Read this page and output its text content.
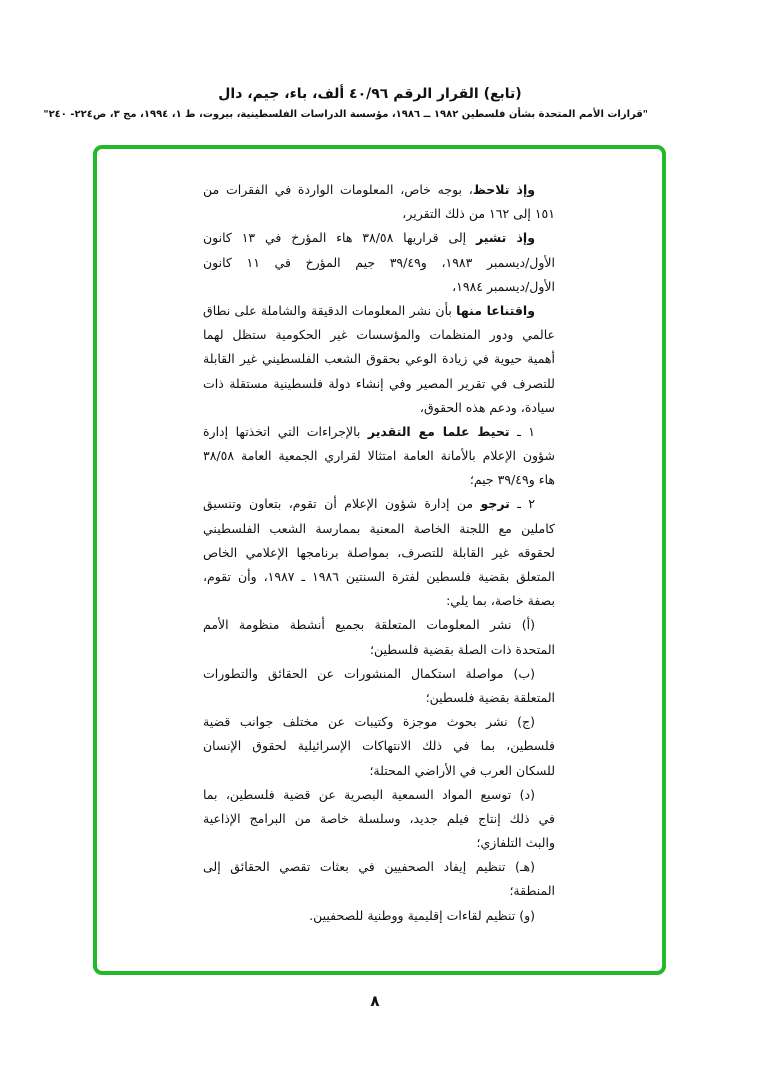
(تابع) القرار الرقم ٤٠/٩٦ ألف، باء، جيم، دال
"قرارات الأمم المتحدة بشأن فلسطين ١٩٨٢ ــ ١٩٨٦، مؤسسة الدراسات الفلسطينية، بيروت، ط ١، ١٩٩٤، مج ٣، ص٢٢٤- ٢٤٠"
وإذ تلاحظ، بوجه خاص، المعلومات الواردة في الفقرات من
١٥١ إلى ١٦٢ من ذلك التقرير،
وإذ تشير إلى قراريها ٣٨/٥٨ هاء المؤرخ في ١٣ كانون
الأول/ديسمبر ١٩٨٣، و٣٩/٤٩ جيم المؤرخ في ١١ كانون
الأول/ديسمبر ١٩٨٤،
واقتناعا منها بأن نشر المعلومات الدقيقة والشاملة على نطاق
عالمي ودور المنظمات والمؤسسات غير الحكومية ستظل لهما
أهمية حيوية في زيادة الوعي بحقوق الشعب الفلسطيني غير القابلة
للتصرف في تقرير المصير وفي إنشاء دولة فلسطينية مستقلة ذات
سيادة، ودعم هذه الحقوق،
١ ـ تحيط علما مع التقدير بالإجراءات التي اتخذتها إدارة
شؤون الإعلام بالأمانة العامة امتثالا لقراري الجمعية العامة ٣٨/٥٨
هاء و٣٩/٤٩ جيم؛
٢ ـ ترجو من إدارة شؤون الإعلام أن تقوم، بتعاون وتنسيق
كاملين مع اللجنة الخاصة المعنية بممارسة الشعب الفلسطيني
لحقوقه غير القابلة للتصرف، بمواصلة برنامجها الإعلامي الخاص
المتعلق بقضية فلسطين لفترة السنتين ١٩٨٦ ـ ١٩٨٧، وأن تقوم،
بصفة خاصة، بما يلي:
(أ) نشر المعلومات المتعلقة بجميع أنشطة منظومة الأمم
المتحدة ذات الصلة بقضية فلسطين؛
(ب) مواصلة استكمال المنشورات عن الحقائق والتطورات
المتعلقة بقضية فلسطين؛
(ج) نشر بحوث موجزة وكتيبات عن مختلف جوانب قضية
فلسطين، بما في ذلك الانتهاكات الإسرائيلية لحقوق الإنسان
للسكان العرب في الأراضي المحتلة؛
(د) توسيع المواد السمعية البصرية عن قضية فلسطين، بما
في ذلك إنتاج فيلم جديد، وسلسلة خاصة من البرامج الإذاعية
والبث التلفازي؛
(هـ) تنظيم إيفاد الصحفيين في بعثات تقصي الحقائق إلى
المنطقة؛
(و) تنظيم لقاءات إقليمية ووطنية للصحفيين.
٨
